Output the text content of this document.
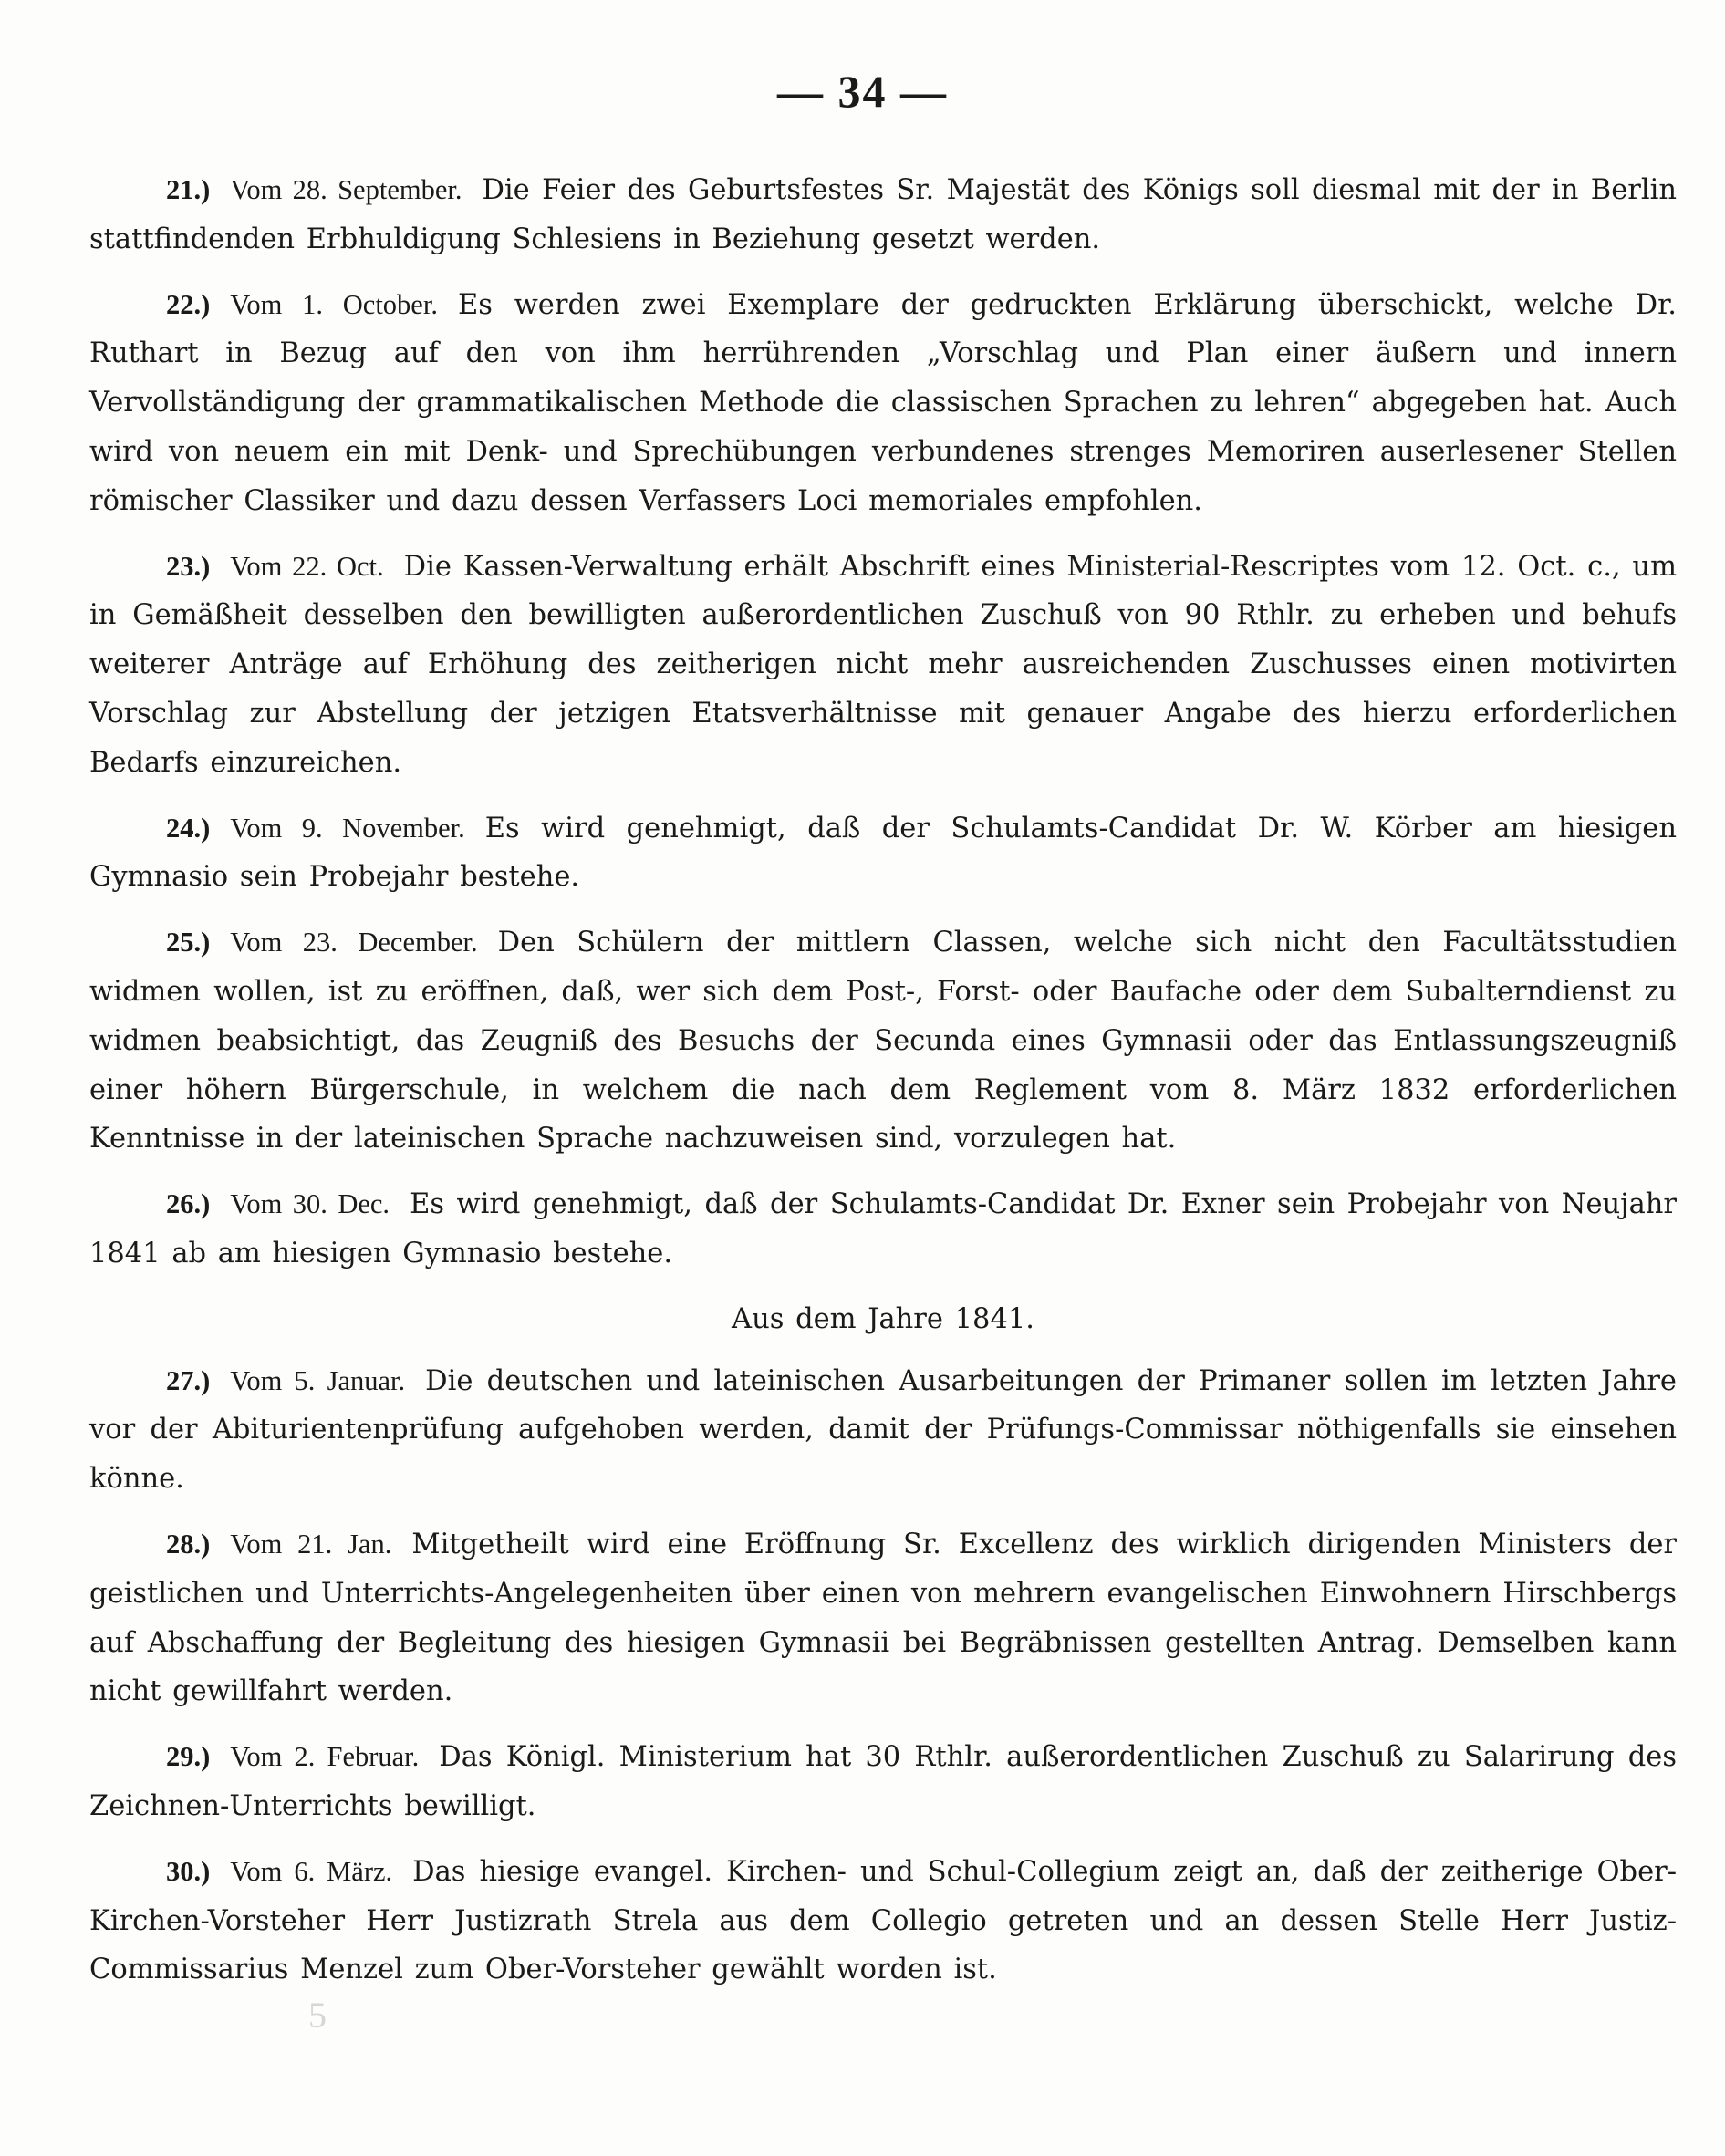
5
— 34 —

21.) Vom 28. September. Die Feier des Geburtsfestes Sr. Majestät des Königs soll diesmal mit der in Berlin stattfindenden Erbhuldigung Schlesiens in Beziehung gesetzt werden.

22.) Vom 1. October. Es werden zwei Exemplare der gedruckten Erklärung überschickt, welche Dr. Ruthart in Bezug auf den von ihm herrührenden „Vorschlag und Plan einer äußern und innern Vervollständigung der grammatikalischen Methode die classischen Sprachen zu lehren“ abgegeben hat. Auch wird von neuem ein mit Denk- und Sprechübungen verbundenes strenges Memoriren auserlesener Stellen römischer Classiker und dazu dessen Verfassers Loci memoriales empfohlen.

23.) Vom 22. Oct. Die Kassen-Verwaltung erhält Abschrift eines Ministerial-Rescriptes vom 12. Oct. c., um in Gemäßheit desselben den bewilligten außerordentlichen Zuschuß von 90 Rthlr. zu erheben und behufs weiterer Anträge auf Erhöhung des zeitherigen nicht mehr ausreichenden Zuschusses einen motivirten Vorschlag zur Abstellung der jetzigen Etatsverhältnisse mit genauer Angabe des hierzu erforderlichen Bedarfs einzureichen.

24.) Vom 9. November. Es wird genehmigt, daß der Schulamts-Candidat Dr. W. Körber am hiesigen Gymnasio sein Probejahr bestehe.

25.) Vom 23. December. Den Schülern der mittlern Classen, welche sich nicht den Facultätsstudien widmen wollen, ist zu eröffnen, daß, wer sich dem Post-, Forst- oder Baufache oder dem Subalterndienst zu widmen beabsichtigt, das Zeugniß des Besuchs der Secunda eines Gymnasii oder das Entlassungszeugniß einer höhern Bürgerschule, in welchem die nach dem Reglement vom 8. März 1832 erforderlichen Kenntnisse in der lateinischen Sprache nachzuweisen sind, vorzulegen hat.

26.) Vom 30. Dec. Es wird genehmigt, daß der Schulamts-Candidat Dr. Exner sein Probejahr von Neujahr 1841 ab am hiesigen Gymnasio bestehe.

Aus dem Jahre 1841.

27.) Vom 5. Januar. Die deutschen und lateinischen Ausarbeitungen der Primaner sollen im letzten Jahre vor der Abiturientenprüfung aufgehoben werden, damit der Prüfungs-Commissar nöthigenfalls sie einsehen könne.

28.) Vom 21. Jan. Mitgetheilt wird eine Eröffnung Sr. Excellenz des wirklich dirigenden Ministers der geistlichen und Unterrichts-Angelegenheiten über einen von mehrern evangelischen Einwohnern Hirschbergs auf Abschaffung der Begleitung des hiesigen Gymnasii bei Begräbnissen gestellten Antrag. Demselben kann nicht gewillfahrt werden.

29.) Vom 2. Februar. Das Königl. Ministerium hat 30 Rthlr. außerordentlichen Zuschuß zu Salarirung des Zeichnen-Unterrichts bewilligt.

30.) Vom 6. März. Das hiesige evangel. Kirchen- und Schul-Collegium zeigt an, daß der zeitherige Ober-Kirchen-Vorsteher Herr Justizrath Strela aus dem Collegio getreten und an dessen Stelle Herr Justiz-Commissarius Menzel zum Ober-Vorsteher gewählt worden ist.
